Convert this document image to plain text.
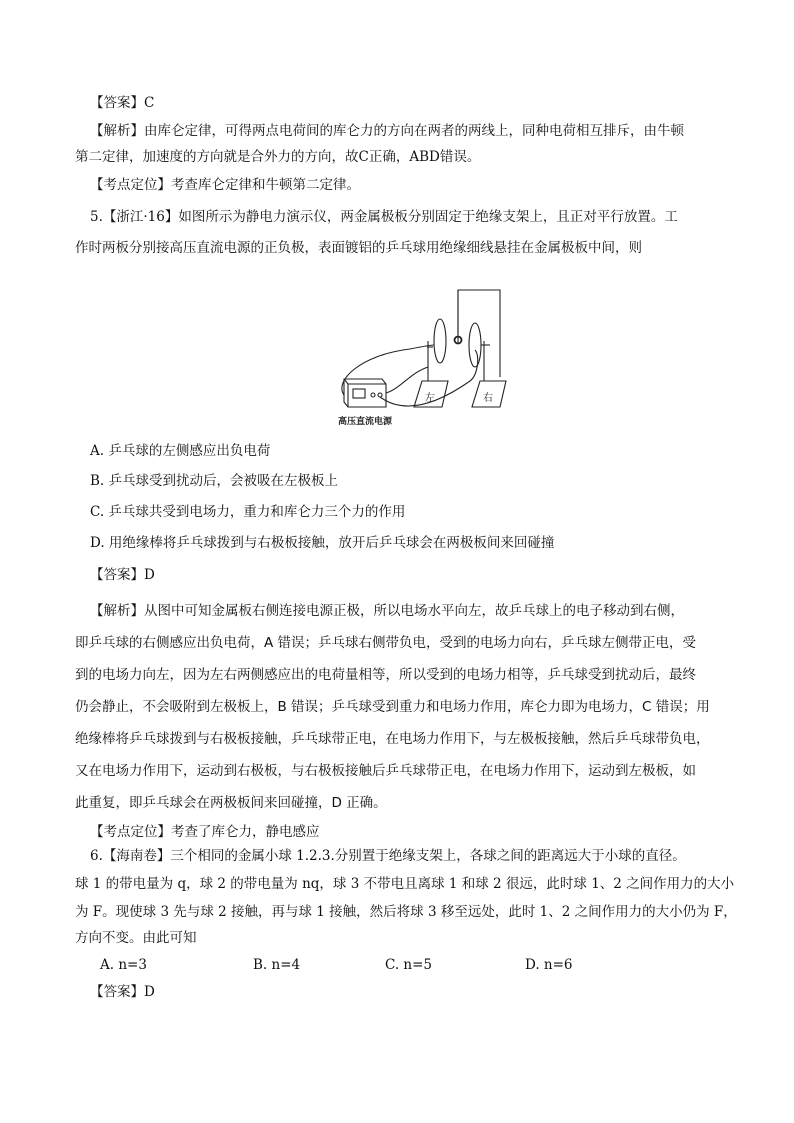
【答案】C
【解析】由库仑定律，可得两点电荷间的库仑力的方向在两者的两线上，同种电荷相互排斥，由牛顿
第二定律，加速度的方向就是合外力的方向，故C正确，ABD错误。
【考点定位】考查库仑定律和牛顿第二定律。
5.【浙江·16】如图所示为静电力演示仪，两金属极板分别固定于绝缘支架上，且正对平行放置。工
作时两板分别接高压直流电源的正负极，表面镀铝的乒乓球用绝缘细线悬挂在金属极板中间，则
左	右
高压直流电源
A. 乒乓球的左侧感应出负电荷
B. 乒乓球受到扰动后，会被吸在左极板上
C. 乒乓球共受到电场力，重力和库仑力三个力的作用
D. 用绝缘棒将乒乓球拨到与右极板接触，放开后乒乓球会在两极板间来回碰撞
【答案】D
【解析】从图中可知金属板右侧连接电源正极，所以电场水平向左，故乒乓球上的电子移动到右侧，
即乒乓球的右侧感应出负电荷，A 错误；乒乓球右侧带负电，受到的电场力向右，乒乓球左侧带正电，受
到的电场力向左，因为左右两侧感应出的电荷量相等，所以受到的电场力相等，乒乓球受到扰动后，最终
仍会静止，不会吸附到左极板上，B 错误；乒乓球受到重力和电场力作用，库仑力即为电场力，C 错误；用
绝缘棒将乒乓球拨到与右极板接触，乒乓球带正电，在电场力作用下，与左极板接触，然后乒乓球带负电，
又在电场力作用下，运动到右极板，与右极板接触后乒乓球带正电，在电场力作用下，运动到左极板，如
此重复，即乒乓球会在两极板间来回碰撞，D 正确。
【考点定位】考查了库仑力，静电感应
6.【海南卷】三个相同的金属小球 1.2.3.分别置于绝缘支架上，各球之间的距离远大于小球的直径。
球 1 的带电量为 q，球 2 的带电量为 nq，球 3 不带电且离球 1 和球 2 很远，此时球 1、2 之间作用力的大小
为 F。现使球 3 先与球 2 接触，再与球 1 接触，然后将球 3 移至远处，此时 1、2 之间作用力的大小仍为 F，
方向不变。由此可知
A. n=3	B. n=4	C. n=5	D. n=6
【答案】D
